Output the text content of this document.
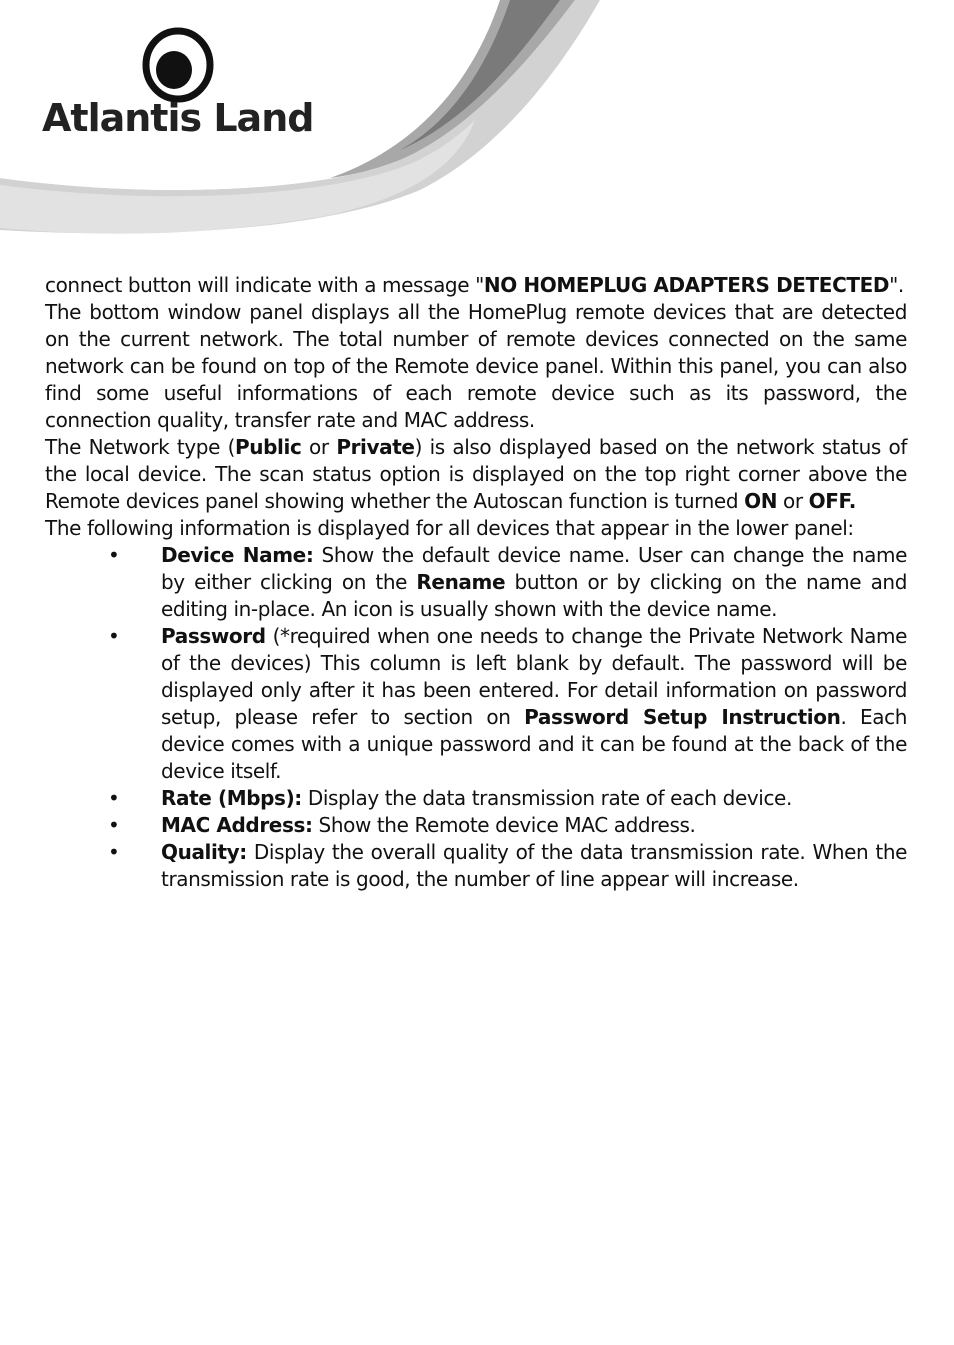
Atlantis Land

connect button will indicate with a message "NO HOMEPLUG ADAPTERS DETECTED".

The bottom window panel displays all the HomePlug remote devices that are detected on the current network. The total number of remote devices connected on the same network can be found on top of the Remote device panel. Within this panel, you can also find some useful informations of each remote device such as its password, the connection quality, transfer rate and MAC address.

The Network type (Public or Private) is also displayed based on the network status of the local device. The scan status option is displayed on the top right corner above the Remote devices panel showing whether the Autoscan function is turned ON or OFF.

The following information is displayed for all devices that appear in the lower panel:

• Device Name: Show the default device name. User can change the name by either clicking on the Rename button or by clicking on the name and editing in-place. An icon is usually shown with the device name.
• Password (*required when one needs to change the Private Network Name of the devices) This column is left blank by default. The password will be displayed only after it has been entered. For detail information on password setup, please refer to section on Password Setup Instruction. Each device comes with a unique password and it can be found at the back of the device itself.
• Rate (Mbps): Display the data transmission rate of each device.
• MAC Address: Show the Remote device MAC address.
• Quality: Display the overall quality of the data transmission rate. When the transmission rate is good, the number of line appear will increase.
